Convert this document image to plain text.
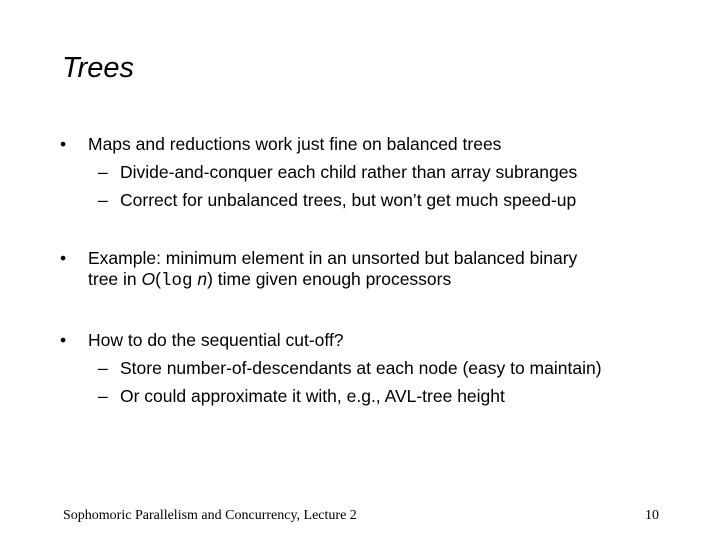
Trees
• Maps and reductions work just fine on balanced trees
– Divide-and-conquer each child rather than array subranges
– Correct for unbalanced trees, but won’t get much speed-up
• Example: minimum element in an unsorted but balanced binary
tree in O(log n) time given enough processors
• How to do the sequential cut-off?
– Store number-of-descendants at each node (easy to maintain)
– Or could approximate it with, e.g., AVL-tree height
Sophomoric Parallelism and Concurrency, Lecture 2	10
